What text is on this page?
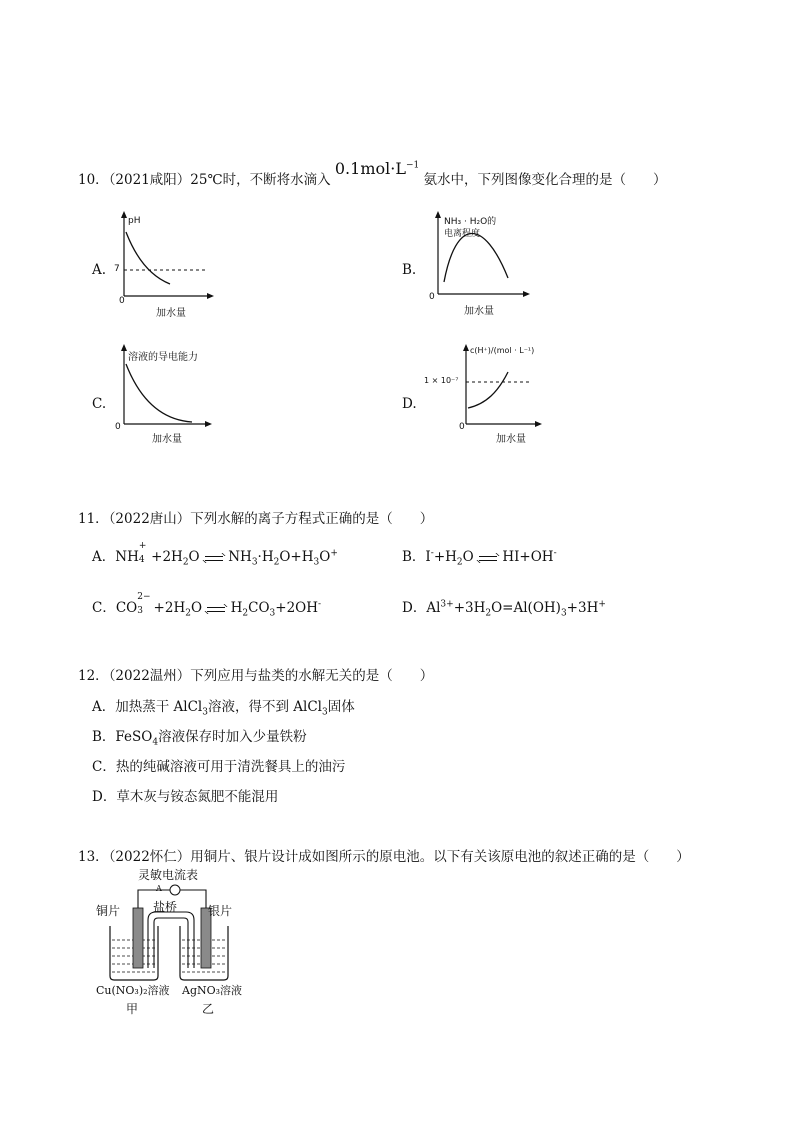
10．（2021咸阳）25℃时，不断将水滴入 $0.1mol\cdot L^{-1}$ 氨水中，下列图像变化合理的是（　　）
A.
pH
7
0
加水量
B.
NH₃ · H₂O的
电离程度
0
加水量
C.
溶液的导电能力
0
加水量
D.
c(H⁺)/(mol · L⁻¹)
1 × 10⁻⁷
0
加水量
11．（2022唐山）下列水解的离子方程式正确的是（　　）
A．NH
+
$4 +2H_2O$ $NH_3\cdot H_2O+H_3O^+$	B．$I^-+H_2O$ HI+OH-
C．CO
2−
$3 +2H_2O$ $H_2CO_3+2OH^-$	D．$Al^{3+}+3H_2O=Al(OH)_3+3H^+$
12．（2022温州）下列应用与盐类的水解无关的是（　　）
A．加热蒸干 AlCl$_3$溶液，得不到 AlCl$_3$固体
B．FeSO$_4$溶液保存时加入少量铁粉
C．热的纯碱溶液可用于清洗餐具上的油污
D．草木灰与铵态氮肥不能混用
13．（2022怀仁）用铜片、银片设计成如图所示的原电池。以下有关该原电池的叙述正确的是（　　）
A
灵敏电流表
盐桥
铜片	银片
Cu(NO₃)₂溶液 AgNO₃溶液
甲	乙
